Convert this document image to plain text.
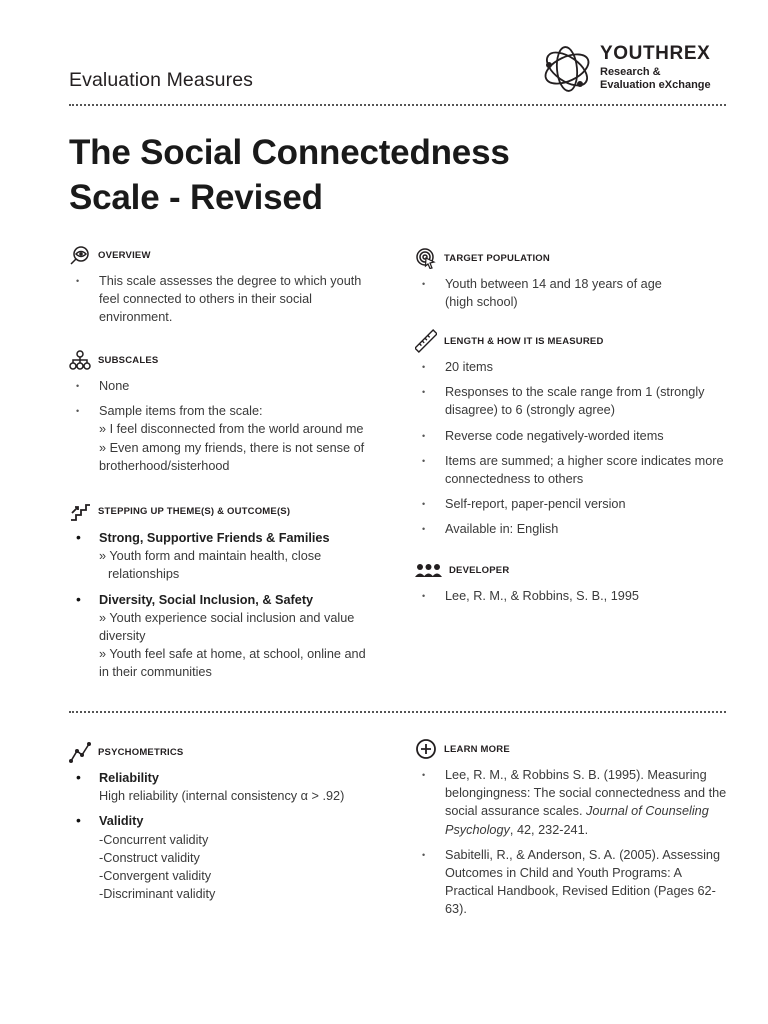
Evaluation Measures
YOUTHREX
Research &
Evaluation eXchange
The Social Connectedness
Scale - Revised
OVERVIEW
• This scale assesses the degree to which youth feel connected to others in their social environment.
SUBSCALES
• None
• Sample items from the scale:
» I feel disconnected from the world around me
» Even among my friends, there is not sense of brotherhood/sisterhood
STEPPING UP THEME(S) & OUTCOME(S)
• Strong, Supportive Friends & Families
» Youth form and maintain health, close
relationships
• Diversity, Social Inclusion, & Safety
» Youth experience social inclusion and value diversity
» Youth feel safe at home, at school, online and in their communities
TARGET POPULATION
• Youth between 14 and 18 years of age
(high school)
LENGTH & HOW IT IS MEASURED
• 20 items
• Responses to the scale range from 1 (strongly disagree) to 6 (strongly agree)
• Reverse code negatively-worded items
• Items are summed; a higher score indicates more connectedness to others
• Self-report, paper-pencil version
• Available in: English
DEVELOPER
• Lee, R. M., & Robbins, S. B., 1995
PSYCHOMETRICS
• Reliability
High reliability (internal consistency α > .92)
• Validity
-Concurrent validity
-Construct validity
-Convergent validity
-Discriminant validity
LEARN MORE
• Lee, R. M., & Robbins S. B. (1995). Measuring belongingness: The social connectedness and the social assurance scales. Journal of Counseling Psychology, 42, 232-241.
• Sabitelli, R., & Anderson, S. A. (2005). Assessing Outcomes in Child and Youth Programs: A Practical Handbook, Revised Edition (Pages 62-63).
